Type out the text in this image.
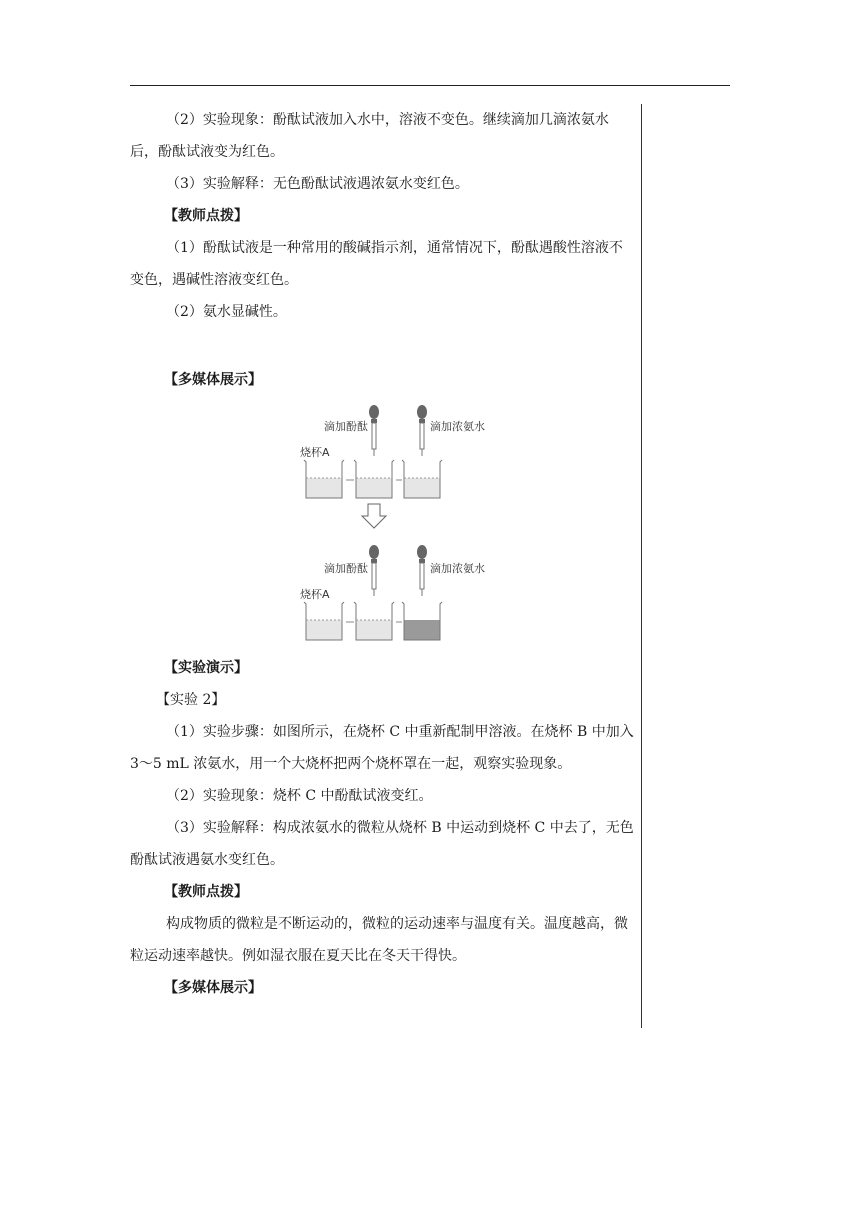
（2）实验现象：酚酞试液加入水中，溶液不变色。继续滴加几滴浓氨水后，酚酞试液变为红色。

（3）实验解释：无色酚酞试液遇浓氨水变红色。

【教师点拨】

（1）酚酞试液是一种常用的酸碱指示剂，通常情况下，酚酞遇酸性溶液不变色，遇碱性溶液变红色。

（2）氨水显碱性。

【多媒体展示】

滴加酚酞	滴加浓氨水
烧杯A
滴加酚酞	滴加浓氨水
烧杯A

【实验演示】

【实验 2】

（1）实验步骤：如图所示，在烧杯 C 中重新配制甲溶液。在烧杯 B 中加入 3～5 mL 浓氨水，用一个大烧杯把两个烧杯罩在一起，观察实验现象。

（2）实验现象：烧杯 C 中酚酞试液变红。

（3）实验解释：构成浓氨水的微粒从烧杯 B 中运动到烧杯 C 中去了，无色酚酞试液遇氨水变红色。

【教师点拨】

构成物质的微粒是不断运动的，微粒的运动速率与温度有关。温度越高，微粒运动速率越快。例如湿衣服在夏天比在冬天干得快。

【多媒体展示】
